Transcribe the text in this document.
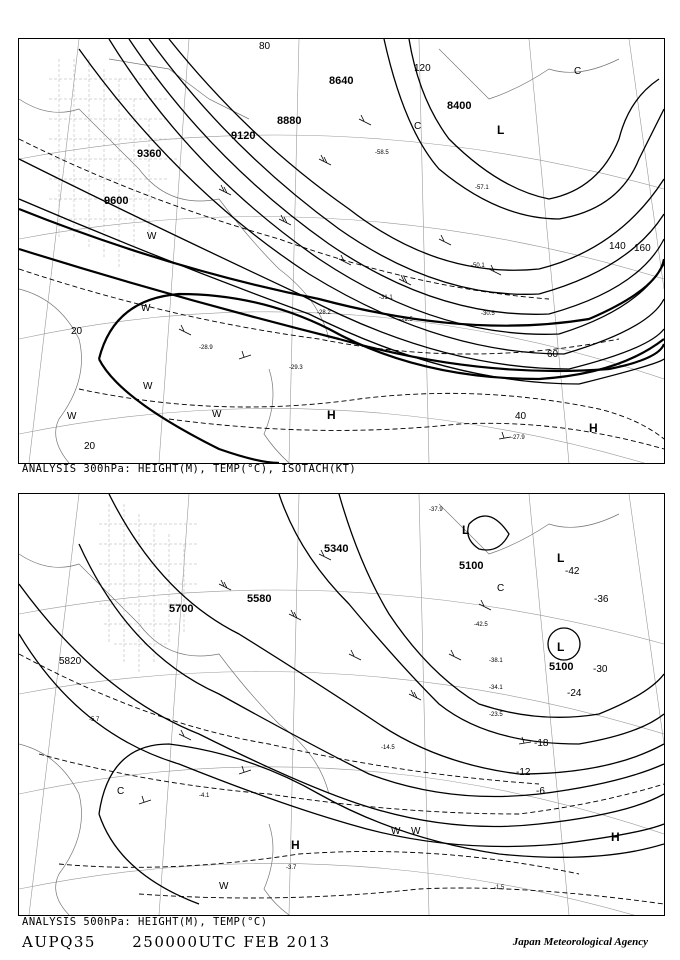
8640
8400
8880
9120
9360
9600
120
80
40
20
60
140 160
20
L
H
H
W
W
W
W	W
C
C
-31.1
-29.5
-30.5
-28.9
-29.3
-27.9
-28.2
-50.1
-58.5
-57.1
ANALYSIS 300hPa: HEIGHT(M), TEMP(°C), ISOTACH(KT)
5100
5340
5580
5700
5820	5100
-42
-36
-30
-24
-18
-12
-6
L
L
L
H
H
W
W W
C
C
-37.9
-42.5
-38.1
-34.1
-23.5
-14.5
-5.7
-1.5
-3.7
-4.1
ANALYSIS 500hPa: HEIGHT(M), TEMP(°C)
AUPQ35 250000UTC FEB 2013	Japan Meteorological Agency
